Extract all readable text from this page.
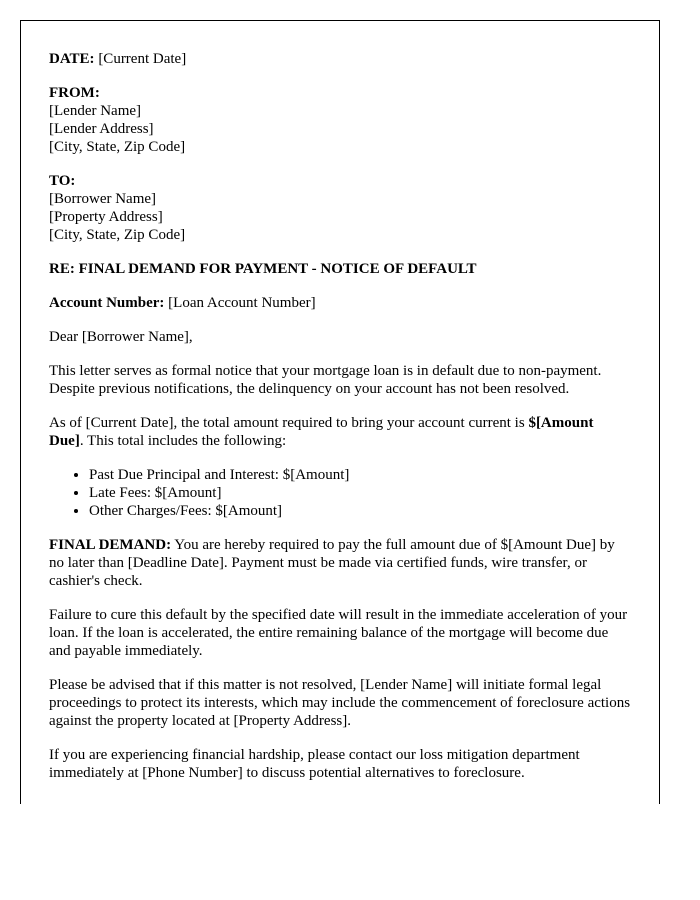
DATE: [Current Date]
FROM:
[Lender Name]
[Lender Address]
[City, State, Zip Code]
TO:
[Borrower Name]
[Property Address]
[City, State, Zip Code]
RE: FINAL DEMAND FOR PAYMENT - NOTICE OF DEFAULT
Account Number: [Loan Account Number]

Dear [Borrower Name],

This letter serves as formal notice that your mortgage loan is in default due to non-payment. Despite previous notifications, the delinquency on your account has not been resolved.

As of [Current Date], the total amount required to bring your account current is $[Amount Due]. This total includes the following:

• Past Due Principal and Interest: $[Amount]
• Late Fees: $[Amount]
• Other Charges/Fees: $[Amount]

FINAL DEMAND: You are hereby required to pay the full amount due of $[Amount Due] by no later than [Deadline Date]. Payment must be made via certified funds, wire transfer, or cashier's check.

Failure to cure this default by the specified date will result in the immediate acceleration of your loan. If the loan is accelerated, the entire remaining balance of the mortgage will become due and payable immediately.

Please be advised that if this matter is not resolved, [Lender Name] will initiate formal legal proceedings to protect its interests, which may include the commencement of foreclosure actions against the property located at [Property Address].

If you are experiencing financial hardship, please contact our loss mitigation department immediately at [Phone Number] to discuss potential alternatives to foreclosure.
